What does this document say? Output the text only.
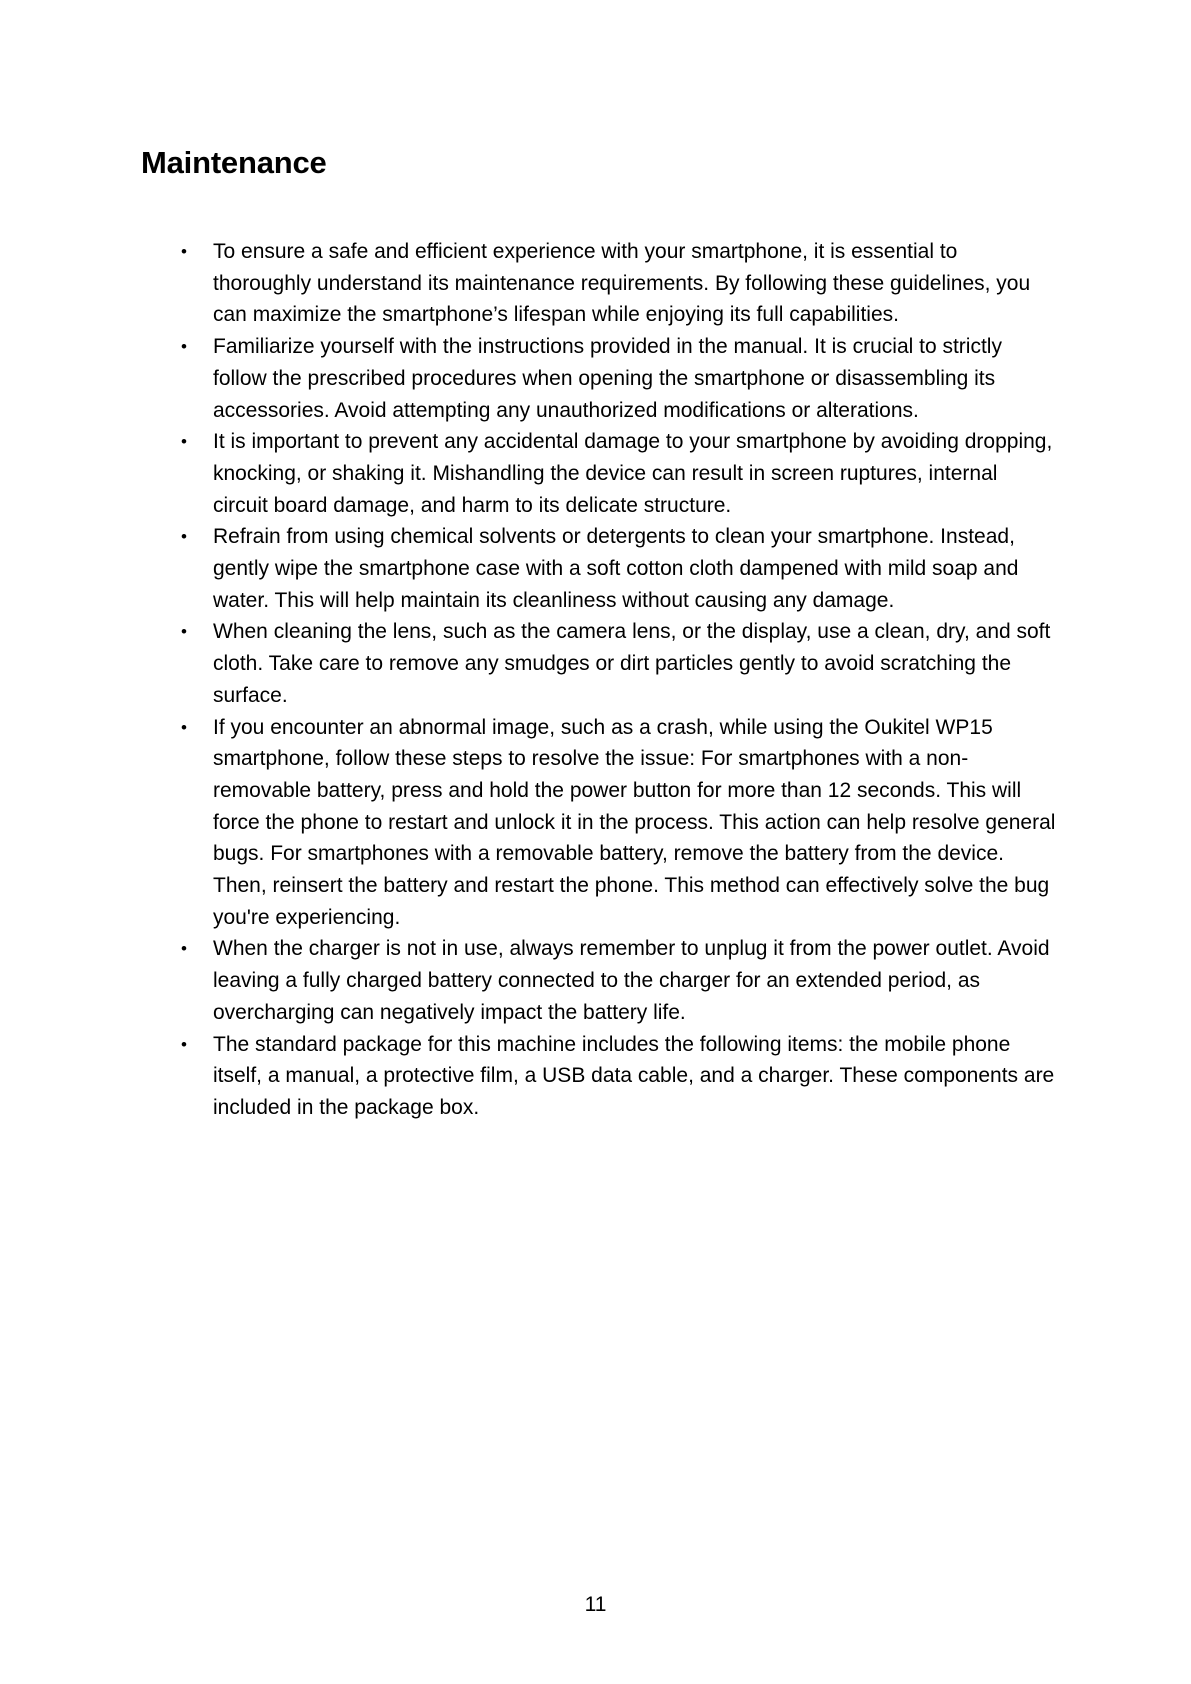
Maintenance
• To ensure a safe and efficient experience with your smartphone, it is essential to thoroughly understand its maintenance requirements. By following these guidelines, you can maximize the smartphone’s lifespan while enjoying its full capabilities.
• Familiarize yourself with the instructions provided in the manual. It is crucial to strictly follow the prescribed procedures when opening the smartphone or disassembling its accessories. Avoid attempting any unauthorized modifications or alterations.
• It is important to prevent any accidental damage to your smartphone by avoiding dropping, knocking, or shaking it. Mishandling the device can result in screen ruptures, internal circuit board damage, and harm to its delicate structure.
• Refrain from using chemical solvents or detergents to clean your smartphone. Instead, gently wipe the smartphone case with a soft cotton cloth dampened with mild soap and water. This will help maintain its cleanliness without causing any damage.
• When cleaning the lens, such as the camera lens, or the display, use a clean, dry, and soft cloth. Take care to remove any smudges or dirt particles gently to avoid scratching the surface.
• If you encounter an abnormal image, such as a crash, while using the Oukitel WP15 smartphone, follow these steps to resolve the issue: For smartphones with a non-removable battery, press and hold the power button for more than 12 seconds. This will force the phone to restart and unlock it in the process. This action can help resolve general bugs. For smartphones with a removable battery, remove the battery from the device. Then, reinsert the battery and restart the phone. This method can effectively solve the bug you're experiencing.
• When the charger is not in use, always remember to unplug it from the power outlet. Avoid leaving a fully charged battery connected to the charger for an extended period, as overcharging can negatively impact the battery life.
• The standard package for this machine includes the following items: the mobile phone itself, a manual, a protective film, a USB data cable, and a charger. These components are included in the package box.
11
